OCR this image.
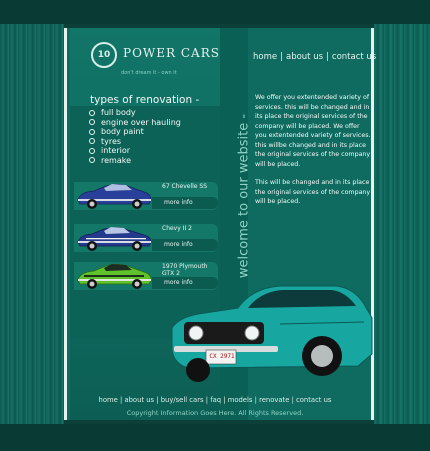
10	POWER CARS
don't dream it - own it
welcome to our website -
types of renovation -
full body
engine over hauling
body paint
tyres
interior
remake
67 Chevelle SS
more info
Chevy II 2
more info
1970 Plymouth GTX 2
more info
home | about us | contact us

We offer you extentended variety of services. this will be changed and in its place the original services of the company will be placed. We offer you extentended variety of services. this willbe changed and in its place the original services of the company will be placed.

This will be changed and in its place the original services of the company will be placed.

CX 2971
home | about us | buy/sell cars | faq | models | renovate | contact us
Copyright Information Goes Here. All Rights Reserved.
